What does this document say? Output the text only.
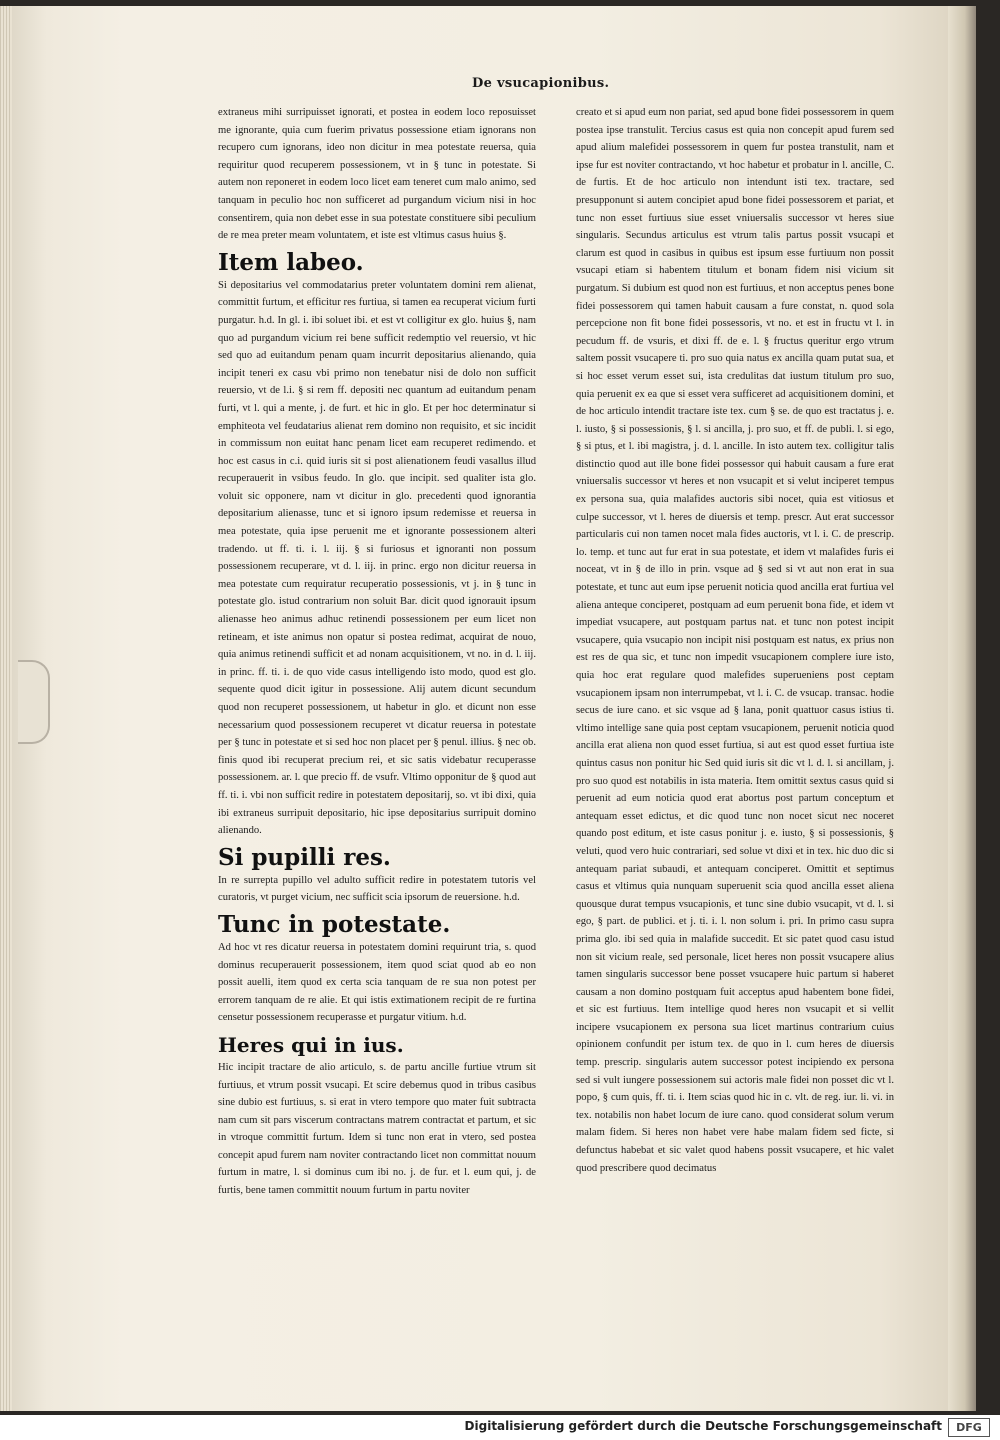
De vsucapionibus.

extraneus mihi surripuisset ignorati, et postea in eodem loco reposuisset me ignorante, quia cum fuerim privatus possessione etiam ignorans non recupero cum ignorans, ideo non dicitur in mea potestate reuersa, quia requiritur quod recuperem possessionem, vt in § tunc in potestate. Si autem non reponeret in eodem loco licet eam teneret cum malo animo, sed tanquam in peculio hoc non sufficeret ad purgandum vicium nisi in hoc consentirem, quia non debet esse in sua potestate constituere sibi peculium de re mea preter meam voluntatem, et iste est vltimus casus huius §.

Item labeo.

Si depositarius vel commodatarius preter voluntatem domini rem alienat, committit furtum, et efficitur res furtiua, si tamen ea recuperat vicium furti purgatur. h.d. In gl. i. ibi soluet ibi. et est vt colligitur ex glo. huius §, nam quo ad purgandum vicium rei bene sufficit redemptio vel reuersio, vt hic sed quo ad euitandum penam quam incurrit depositarius alienando, quia incipit teneri ex casu vbi primo non tenebatur nisi de dolo non sufficit reuersio, vt de l.i. § si rem ff. depositi nec quantum ad euitandum penam furti, vt l. qui a mente, j. de furt. et hic in glo. Et per hoc determinatur si emphiteota vel feudatarius alienat rem domino non requisito, et sic incidit in commissum non euitat hanc penam licet eam recuperet redimendo. et hoc est casus in c.i. quid iuris sit si post alienationem feudi vasallus illud recuperauerit in vsibus feudo. In glo. que incipit. sed qualiter ista glo. voluit sic opponere, nam vt dicitur in glo. precedenti quod ignorantia depositarium alienasse, tunc et si ignoro ipsum redemisse et reuersa in mea potestate, quia ipse peruenit me et ignorante possessionem alteri tradendo. ut ff. ti. i. l. iij. § si furiosus et ignoranti non possum possessionem recuperare, vt d. l. iij. in princ. ergo non dicitur reuersa in mea potestate cum requiratur recuperatio possessionis, vt j. in § tunc in potestate glo. istud contrarium non soluit Bar. dicit quod ignorauit ipsum alienasse heo animus adhuc retinendi possessionem per eum licet non retineam, et iste animus non opatur si postea redimat, acquirat de nouo, quia animus retinendi sufficit et ad nonam acquisitionem, vt no. in d. l. iij. in princ. ff. ti. i. de quo vide casus intelligendo isto modo, quod est glo. sequente quod dicit igitur in possessione. Alij autem dicunt secundum quod non recuperet possessionem, ut habetur in glo. et dicunt non esse necessarium quod possessionem recuperet vt dicatur reuersa in potestate per § tunc in potestate et si sed hoc non placet per § penul. illius. § nec ob. finis quod ibi recuperat precium rei, et sic satis videbatur recuperasse possessionem. ar. l. que precio ff. de vsufr. Vltimo opponitur de § quod aut ff. ti. i. vbi non sufficit redire in potestatem depositarij, so. vt ibi dixi, quia ibi extraneus surripuit depositario, hic ipse depositarius surripuit domino alienando.

Si pupilli res.

In re surrepta pupillo vel adulto sufficit redire in potestatem tutoris vel curatoris, vt purget vicium, nec sufficit scia ipsorum de reuersione. h.d.

Tunc in potestate.

Ad hoc vt res dicatur reuersa in potestatem domini requirunt tria, s. quod dominus recuperauerit possessionem, item quod sciat quod ab eo non possit auelli, item quod ex certa scia tanquam de re sua non potest per errorem tanquam de re alie. Et qui istis extimationem recipit de re furtina censetur possessionem recuperasse et purgatur vitium. h.d.

Heres qui in ius.

Hic incipit tractare de alio articulo, s. de partu ancille furtiue vtrum sit furtiuus, et vtrum possit vsucapi. Et scire debemus quod in tribus casibus sine dubio est furtiuus, s. si erat in vtero tempore quo mater fuit subtracta nam cum sit pars viscerum contractans matrem contractat et partum, et sic in vtroque committit furtum. Idem si tunc non erat in vtero, sed postea concepit apud furem nam noviter contractando licet non committat nouum furtum in matre, l. si dominus cum ibi no. j. de fur. et l. eum qui, j. de furtis, bene tamen committit nouum furtum in partu noviter

creato et si apud eum non pariat, sed apud bone fidei possessorem in quem postea ipse transtulit. Tercius casus est quia non concepit apud furem sed apud alium malefidei possessorem in quem fur postea transtulit, nam et ipse fur est noviter contractando, vt hoc habetur et probatur in l. ancille, C. de furtis. Et de hoc articulo non intendunt isti tex. tractare, sed presupponunt si autem concipiet apud bone fidei possessorem et pariat, et tunc non esset furtiuus siue esset vniuersalis successor vt heres siue singularis. Secundus articulus est vtrum talis partus possit vsucapi et clarum est quod in casibus in quibus est ipsum esse furtiuum non possit vsucapi etiam si habentem titulum et bonam fidem nisi vicium sit purgatum. Si dubium est quod non est furtiuus, et non acceptus penes bone fidei possessorem qui tamen habuit causam a fure constat, n. quod sola percepcione non fit bone fidei possessoris, vt no. et est in fructu vt l. in pecudum ff. de vsuris, et dixi ff. de e. l. § fructus queritur ergo vtrum saltem possit vsucapere ti. pro suo quia natus ex ancilla quam putat sua, et si hoc esset verum esset sui, ista credulitas dat iustum titulum pro suo, quia peruenit ex ea que si esset vera sufficeret ad acquisitionem domini, et de hoc articulo intendit tractare iste tex. cum § se. de quo est tractatus j. e. l. iusto, § si possessionis, § l. si ancilla, j. pro suo, et ff. de publi. l. si ego, § si ptus, et l. ibi magistra, j. d. l. ancille. In isto autem tex. colligitur talis distinctio quod aut ille bone fidei possessor qui habuit causam a fure erat vniuersalis successor vt heres et non vsucapit et si velut inciperet tempus ex persona sua, quia malafides auctoris sibi nocet, quia est vitiosus et culpe successor, vt l. heres de diuersis et temp. prescr. Aut erat successor particularis cui non tamen nocet mala fides auctoris, vt l. i. C. de prescrip. lo. temp. et tunc aut fur erat in sua potestate, et idem vt malafides furis ei noceat, vt in § de illo in prin. vsque ad § sed si vt aut non erat in sua potestate, et tunc aut eum ipse peruenit noticia quod ancilla erat furtiua vel aliena anteque conciperet, postquam ad eum peruenit bona fide, et idem vt impediat vsucapere, aut postquam partus nat. et tunc non potest incipit vsucapere, quia vsucapio non incipit nisi postquam est natus, ex prius non est res de qua sic, et tunc non impedit vsucapionem complere iure isto, quia hoc erat regulare quod malefides superueniens post ceptam vsucapionem ipsam non interrumpebat, vt l. i. C. de vsucap. transac. hodie secus de iure cano. et sic vsque ad § lana, ponit quattuor casus istius ti. vltimo intellige sane quia post ceptam vsucapionem, peruenit noticia quod ancilla erat aliena non quod esset furtiua, si aut est quod esset furtiua iste quintus casus non ponitur hic Sed quid iuris sit dic vt l. d. l. si ancillam, j. pro suo quod est notabilis in ista materia. Item omittit sextus casus quid si peruenit ad eum noticia quod erat abortus post partum conceptum et antequam esset edictus, et dic quod tunc non nocet sicut nec noceret quando post editum, et iste casus ponitur j. e. iusto, § si possessionis, § veluti, quod vero huic contrariari, sed solue vt dixi et in tex. hic duo dic si antequam pariat subaudi, et antequam conciperet. Omittit et septimus casus et vltimus quia nunquam superuenit scia quod ancilla esset aliena quousque durat tempus vsucapionis, et tunc sine dubio vsucapit, vt d. l. si ego, § part. de publici. et j. ti. i. l. non solum i. pri. In primo casu supra prima glo. ibi sed quia in malafide succedit. Et sic patet quod casu istud non sit vicium reale, sed personale, licet heres non possit vsucapere alius tamen singularis successor bene posset vsucapere huic partum si haberet causam a non domino postquam fuit acceptus apud habentem bone fidei, et sic est furtiuus. Item intellige quod heres non vsucapit et si vellit incipere vsucapionem ex persona sua licet martinus contrarium cuius opinionem confundit per istum tex. de quo in l. cum heres de diuersis temp. prescrip. singularis autem successor potest incipiendo ex persona sed si vult iungere possessionem sui actoris male fidei non posset dic vt l. popo, § cum quis, ff. ti. i. Item scias quod hic in c. vlt. de reg. iur. li. vi. in tex. notabilis non habet locum de iure cano. quod considerat solum verum malam fidem. Si heres non habet vere habe malam fidem sed ficte, si defunctus habebat et sic valet quod habens possit vsucapere, et hic valet quod prescribere quod decimatus

Digitalisierung gefördert durch die Deutsche Forschungsgemeinschaft	DFG
